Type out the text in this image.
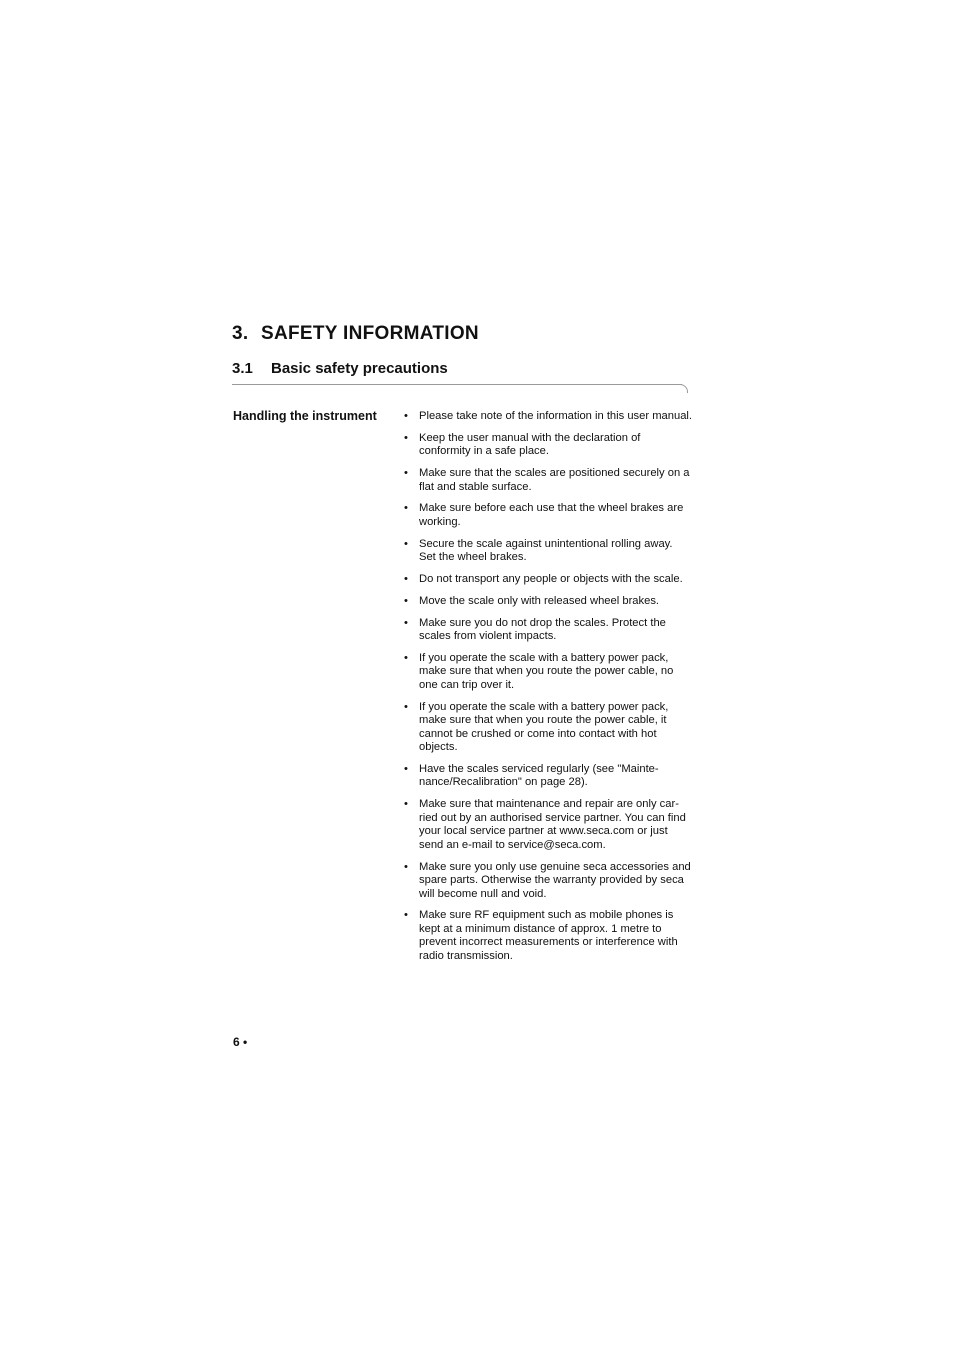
3. SAFETY INFORMATION
3.1 Basic safety precautions

Handling the instrument • Please take note of the information in this user manual.
• Keep the user manual with the declaration of conformity in a safe place.
• Make sure that the scales are positioned securely on a flat and stable surface.
• Make sure before each use that the wheel brakes are working.
• Secure the scale against unintentional rolling away. Set the wheel brakes.
• Do not transport any people or objects with the scale.
• Move the scale only with released wheel brakes.
• Make sure you do not drop the scales. Protect the scales from violent impacts.
• If you operate the scale with a battery power pack, make sure that when you route the power cable, no one can trip over it.
• If you operate the scale with a battery power pack, make sure that when you route the power cable, it cannot be crushed or come into contact with hot objects.
• Have the scales serviced regularly (see "Mainte-nance/Recalibration" on page 28).
• Make sure that maintenance and repair are only car-ried out by an authorised service partner. You can find your local service partner at www.seca.com or just send an e-mail to service@seca.com.
• Make sure you only use genuine seca accessories and spare parts. Otherwise the warranty provided by seca will become null and void.
• Make sure RF equipment such as mobile phones is kept at a minimum distance of approx. 1 metre to prevent incorrect measurements or interference with radio transmission.

6 •
